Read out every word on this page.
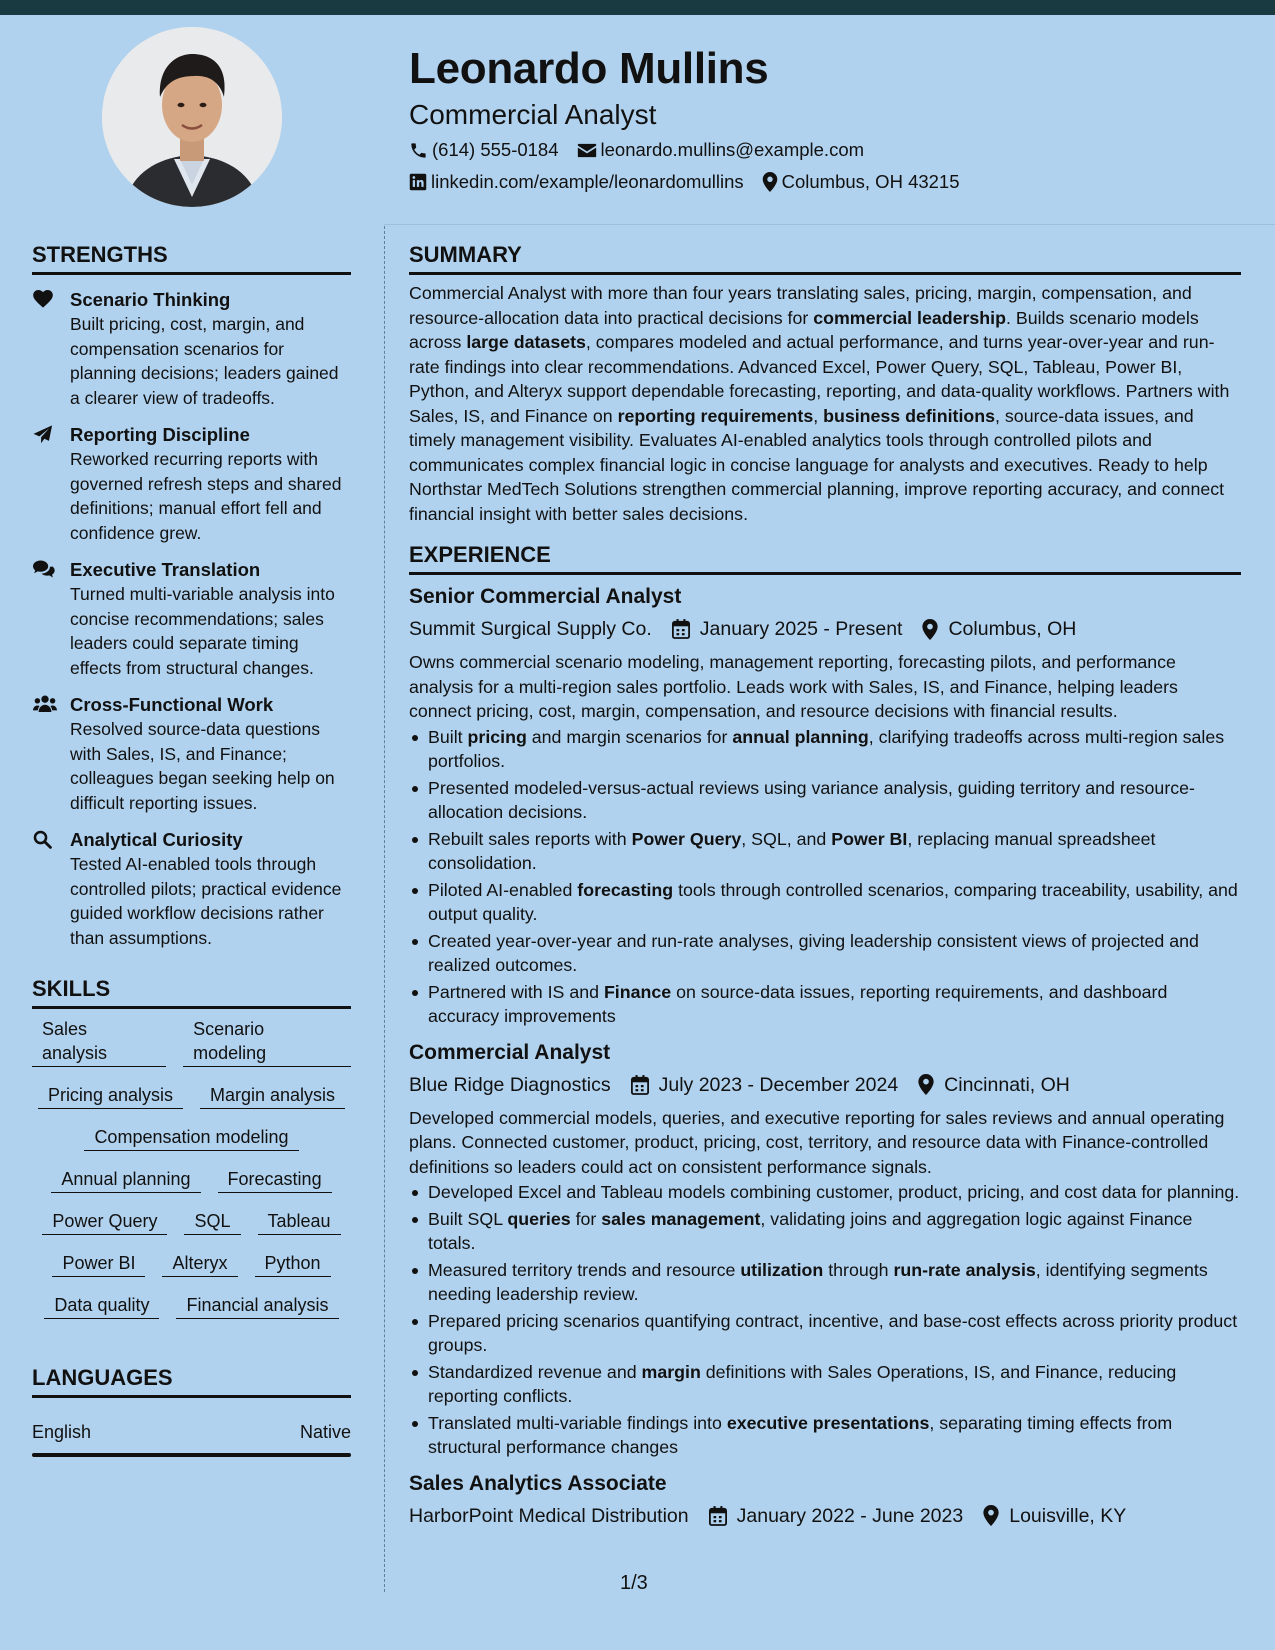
Leonardo Mullins
Commercial Analyst
(614) 555-0184 leonardo.mullins@example.com
linkedin.com/example/leonardomullins Columbus, OH 43215
STRENGTHS
Scenario Thinking
Built pricing, cost, margin, and compensation scenarios for planning decisions; leaders gained a clearer view of tradeoffs.
Reporting Discipline
Reworked recurring reports with governed refresh steps and shared definitions; manual effort fell and confidence grew.
Executive Translation
Turned multi-variable analysis into concise recommendations; sales leaders could separate timing effects from structural changes.
Cross-Functional Work
Resolved source-data questions with Sales, IS, and Finance; colleagues began seeking help on difficult reporting issues.
Analytical Curiosity
Tested AI-enabled tools through controlled pilots; practical evidence guided workflow decisions rather than assumptions.
SKILLS
Sales analysis
Scenario modeling
Pricing analysis	Margin analysis
Compensation modeling
Annual planning	Forecasting
Power Query	SQL	Tableau
Power BI	Alteryx	Python
Data quality	Financial analysis
LANGUAGES
English	Native
SUMMARY
Commercial Analyst with more than four years translating sales, pricing, margin, compensation, and resource-allocation data into practical decisions for commercial leadership. Builds scenario models across large datasets, compares modeled and actual performance, and turns year-over-year and run-rate findings into clear recommendations. Advanced Excel, Power Query, SQL, Tableau, Power BI, Python, and Alteryx support dependable forecasting, reporting, and data-quality workflows. Partners with Sales, IS, and Finance on reporting requirements, business definitions, source-data issues, and timely management visibility. Evaluates AI-enabled analytics tools through controlled pilots and communicates complex financial logic in concise language for analysts and executives. Ready to help Northstar MedTech Solutions strengthen commercial planning, improve reporting accuracy, and connect financial insight with better sales decisions.
EXPERIENCE
Senior Commercial Analyst
Summit Surgical Supply Co. January 2025 - Present Columbus, OH
Owns commercial scenario modeling, management reporting, forecasting pilots, and performance analysis for a multi-region sales portfolio. Leads work with Sales, IS, and Finance, helping leaders connect pricing, cost, margin, compensation, and resource decisions with financial results.
Built pricing and margin scenarios for annual planning, clarifying tradeoffs across multi-region sales portfolios.
Presented modeled-versus-actual reviews using variance analysis, guiding territory and resource-allocation decisions.
Rebuilt sales reports with Power Query, SQL, and Power BI, replacing manual spreadsheet consolidation.
Piloted AI-enabled forecasting tools through controlled scenarios, comparing traceability, usability, and output quality.
Created year-over-year and run-rate analyses, giving leadership consistent views of projected and realized outcomes.
Partnered with IS and Finance on source-data issues, reporting requirements, and dashboard accuracy improvements
Commercial Analyst
Blue Ridge Diagnostics July 2023 - December 2024 Cincinnati, OH
Developed commercial models, queries, and executive reporting for sales reviews and annual operating plans. Connected customer, product, pricing, cost, territory, and resource data with Finance-controlled definitions so leaders could act on consistent performance signals.
Developed Excel and Tableau models combining customer, product, pricing, and cost data for planning.
Built SQL queries for sales management, validating joins and aggregation logic against Finance totals.
Measured territory trends and resource utilization through run-rate analysis, identifying segments needing leadership review.
Prepared pricing scenarios quantifying contract, incentive, and base-cost effects across priority product groups.
Standardized revenue and margin definitions with Sales Operations, IS, and Finance, reducing reporting conflicts.
Translated multi-variable findings into executive presentations, separating timing effects from structural performance changes
Sales Analytics Associate
HarborPoint Medical Distribution January 2022 - June 2023 Louisville, KY
1/3
